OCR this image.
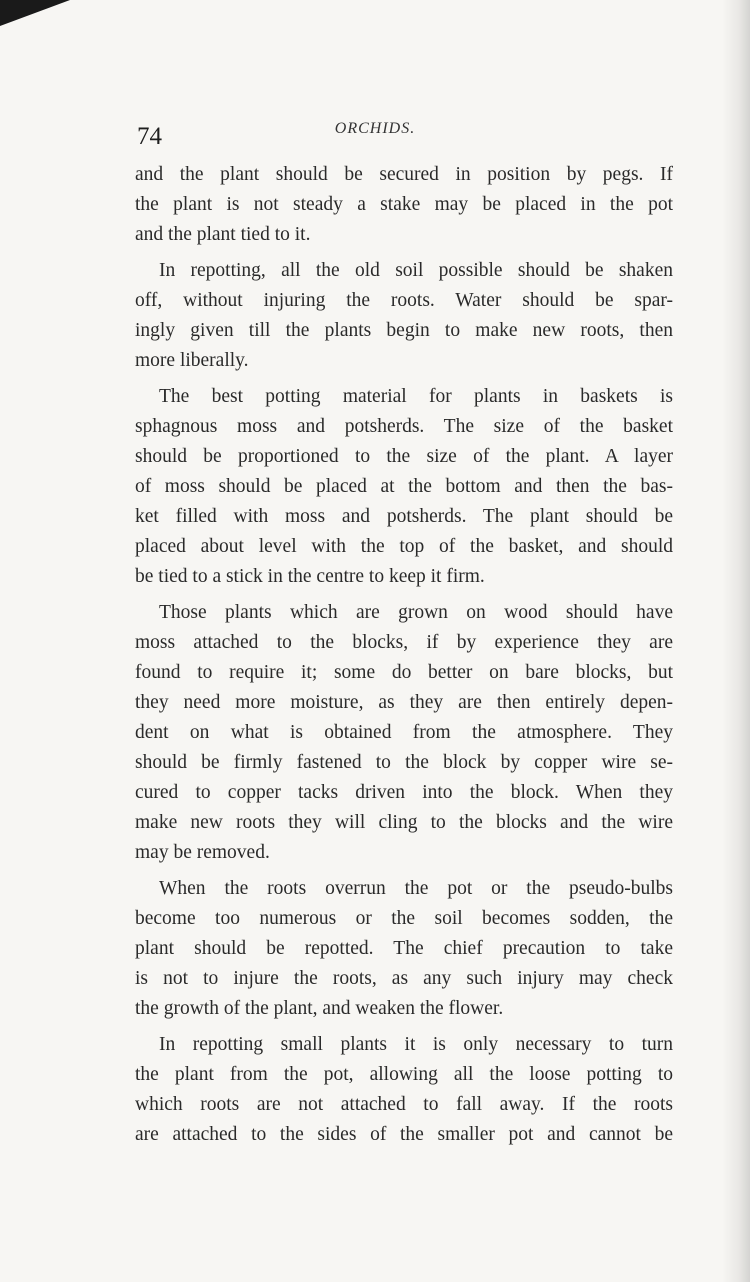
74	ORCHIDS.
and the plant should be secured in position by pegs. If
the plant is not steady a stake may be placed in the pot
and the plant tied to it.
In repotting, all the old soil possible should be shaken
off, without injuring the roots. Water should be spar-
ingly given till the plants begin to make new roots, then
more liberally.
The best potting material for plants in baskets is
sphagnous moss and potsherds. The size of the basket
should be proportioned to the size of the plant. A layer
of moss should be placed at the bottom and then the bas-
ket filled with moss and potsherds. The plant should be
placed about level with the top of the basket, and should
be tied to a stick in the centre to keep it firm.
Those plants which are grown on wood should have
moss attached to the blocks, if by experience they are
found to require it; some do better on bare blocks, but
they need more moisture, as they are then entirely depen-
dent on what is obtained from the atmosphere. They
should be firmly fastened to the block by copper wire se-
cured to copper tacks driven into the block. When they
make new roots they will cling to the blocks and the wire
may be removed.
When the roots overrun the pot or the pseudo-bulbs
become too numerous or the soil becomes sodden, the
plant should be repotted. The chief precaution to take
is not to injure the roots, as any such injury may check
the growth of the plant, and weaken the flower.
In repotting small plants it is only necessary to turn
the plant from the pot, allowing all the loose potting to
which roots are not attached to fall away. If the roots
are attached to the sides of the smaller pot and cannot be
